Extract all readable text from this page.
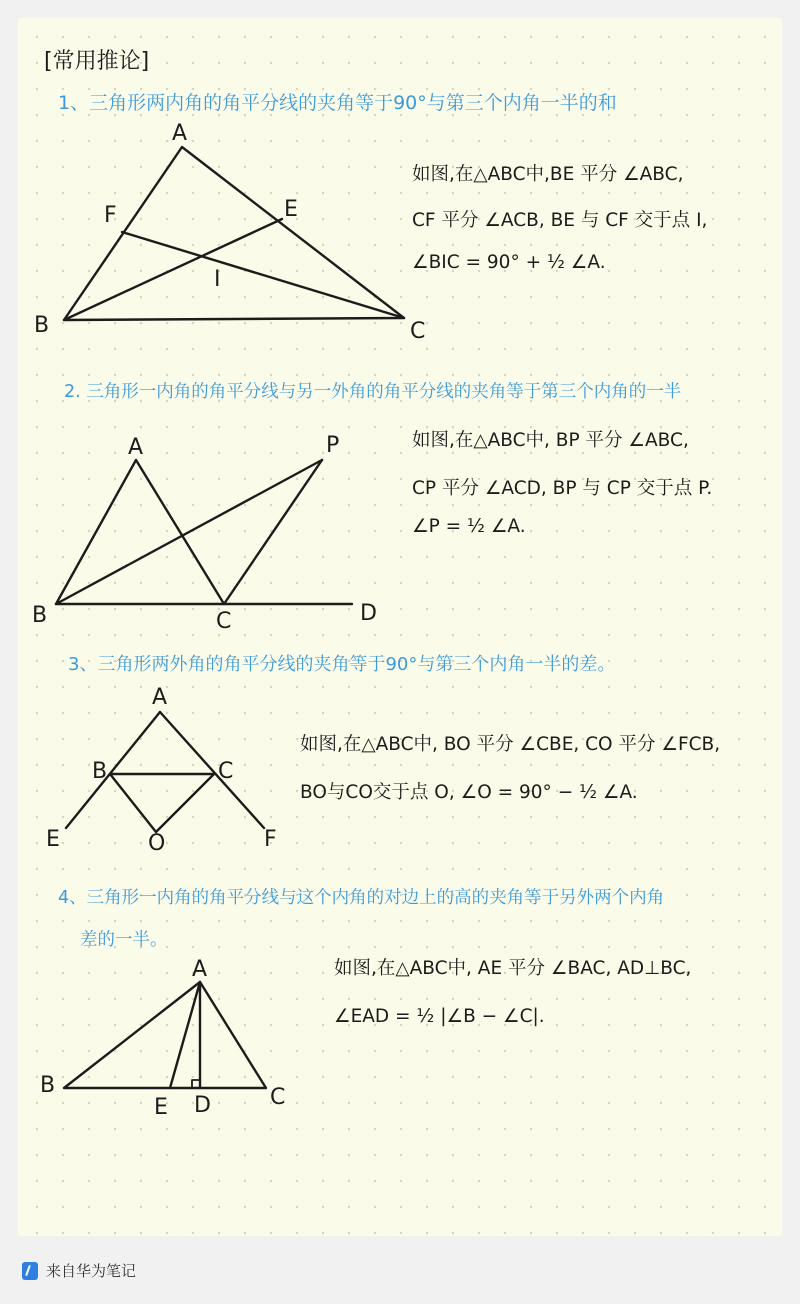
[常用推论]
1、三角形两内角的角平分线的夹角等于90°与第三个内角一半的和
A
B	C
E
F
I
如图,在△ABC中,BE 平分 ∠ABC,
CF 平分 ∠ACB, BE 与 CF 交于点 I,
∠BIC = 90° + ½ ∠A.
2. 三角形一内角的角平分线与另一外角的角平分线的夹角等于第三个内角的一半
A
B	C	D
P	如图,在△ABC中, BP 平分 ∠ABC,
CP 平分 ∠ACD, BP 与 CP 交于点 P.
∠P = ½ ∠A.
3、三角形两外角的角平分线的夹角等于90°与第三个内角一半的差。
A
B	C
E	F
O
如图,在△ABC中, BO 平分 ∠CBE, CO 平分 ∠FCB,
BO与CO交于点 O, ∠O = 90° − ½ ∠A.
4、三角形一内角的角平分线与这个内角的对边上的高的夹角等于另外两个内角
差的一半。
A
B	C
E D
如图,在△ABC中, AE 平分 ∠BAC, AD⊥BC,
∠EAD = ½ |∠B − ∠C|.
来自华为笔记
